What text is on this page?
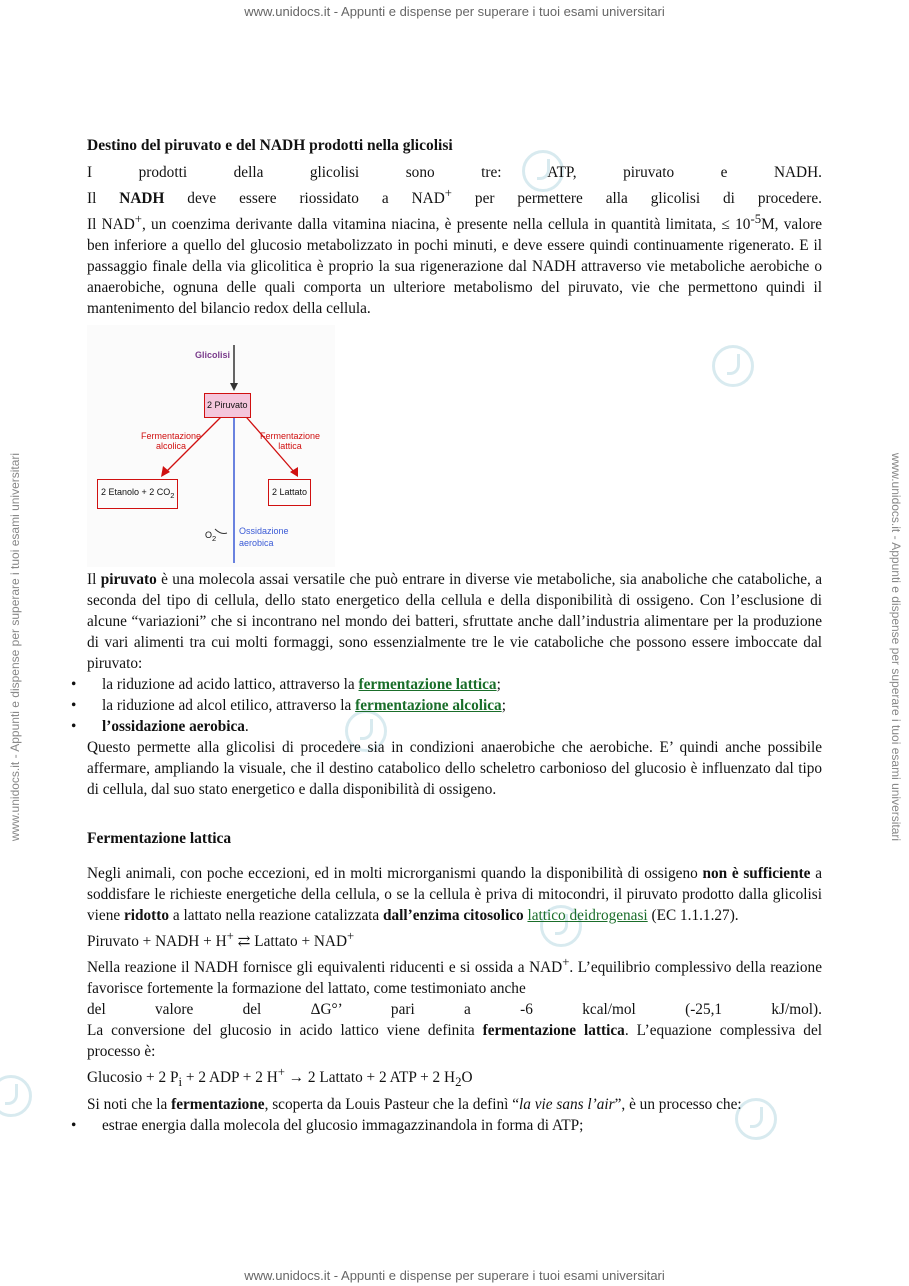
www.unidocs.it - Appunti e dispense per superare i tuoi esami universitari
www.unidocs.it - Appunti e dispense per superare i tuoi esami universitari
www.unidocs.it - Appunti e dispense per superare i tuoi esami universitari	www.unidocs.it - Appunti e dispense per superare i tuoi esami universitari
Destino del piruvato e del NADH prodotti nella glicolisi
I	prodotti	della	glicolisi	sono	tre:	ATP,	piruvato	e	NADH.
Il NADH deve essere riossidato a NAD+ per permettere alla glicolisi di procedere.

Il NAD+, un coenzima derivante dalla vitamina niacina, è presente nella cellula in quantità limitata, ≤ $10^{-5}M$, valore ben inferiore a quello del glucosio metabolizzato in pochi minuti, e deve essere quindi continuamente rigenerato. E il passaggio finale della via glicolitica è proprio la sua rigenerazione dal NADH attraverso vie metaboliche aerobiche o anaerobiche, ognuna delle quali comporta un ulteriore metabolismo del piruvato, vie che permettono quindi il mantenimento del bilancio redox della cellula.

Glicolisi
2 Piruvato
Fermentazione alcolica
Fermentazione lattica
2 Etanolo + 2 $CO_2$	2 Lattato
$O_2$
Ossidazione aerobica

Il piruvato è una molecola assai versatile che può entrare in diverse vie metaboliche, sia anaboliche che cataboliche, a seconda del tipo di cellula, dello stato energetico della cellula e della disponibilità di ossigeno. Con l’esclusione di alcune “variazioni” che si incontrano nel mondo dei batteri, sfruttate anche dall’industria alimentare per la produzione di vari alimenti tra cui molti formaggi, sono essenzialmente tre le vie cataboliche che possono essere imboccate dal piruvato:

• la riduzione ad acido lattico, attraverso la fermentazione lattica;
• la riduzione ad alcol etilico, attraverso la fermentazione alcolica;
• l’ossidazione aerobica.

Questo permette alla glicolisi di procedere sia in condizioni anaerobiche che aerobiche. E’ quindi anche possibile affermare, ampliando la visuale, che il destino catabolico dello scheletro carbonioso del glucosio è influenzato dal tipo di cellula, dal suo stato energetico e dalla disponibilità di ossigeno.

Fermentazione lattica

Negli animali, con poche eccezioni, ed in molti microrganismi quando la disponibilità di ossigeno non è sufficiente a soddisfare le richieste energetiche della cellula, o se la cellula è priva di mitocondri, il piruvato prodotto dalla glicolisi viene ridotto a lattato nella reazione catalizzata dall’enzima citosolico lattico deidrogenasi (EC 1.1.1.27).

Piruvato + NADH + H+ ⇄ Lattato + NAD+

Nella reazione il NADH fornisce gli equivalenti riducenti e si ossida a NAD+. L’equilibrio complessivo della reazione favorisce fortemente la formazione del lattato, come testimoniato anche

del	valore	del	ΔG°’	pari	a	-6	kcal/mol	(-25,1	kJ/mol).

La conversione del glucosio in acido lattico viene definita fermentazione lattica. L’equazione complessiva del processo è:

Glucosio + 2 $P_i + 2$ ADP + 2 H+ → 2 Lattato + 2 ATP + 2 $H_2O$

Si noti che la fermentazione, scoperta da Louis Pasteur che la definì “la vie sans l’air”, è un processo che:

• estrae energia dalla molecola del glucosio immagazzinandola in forma di ATP;
